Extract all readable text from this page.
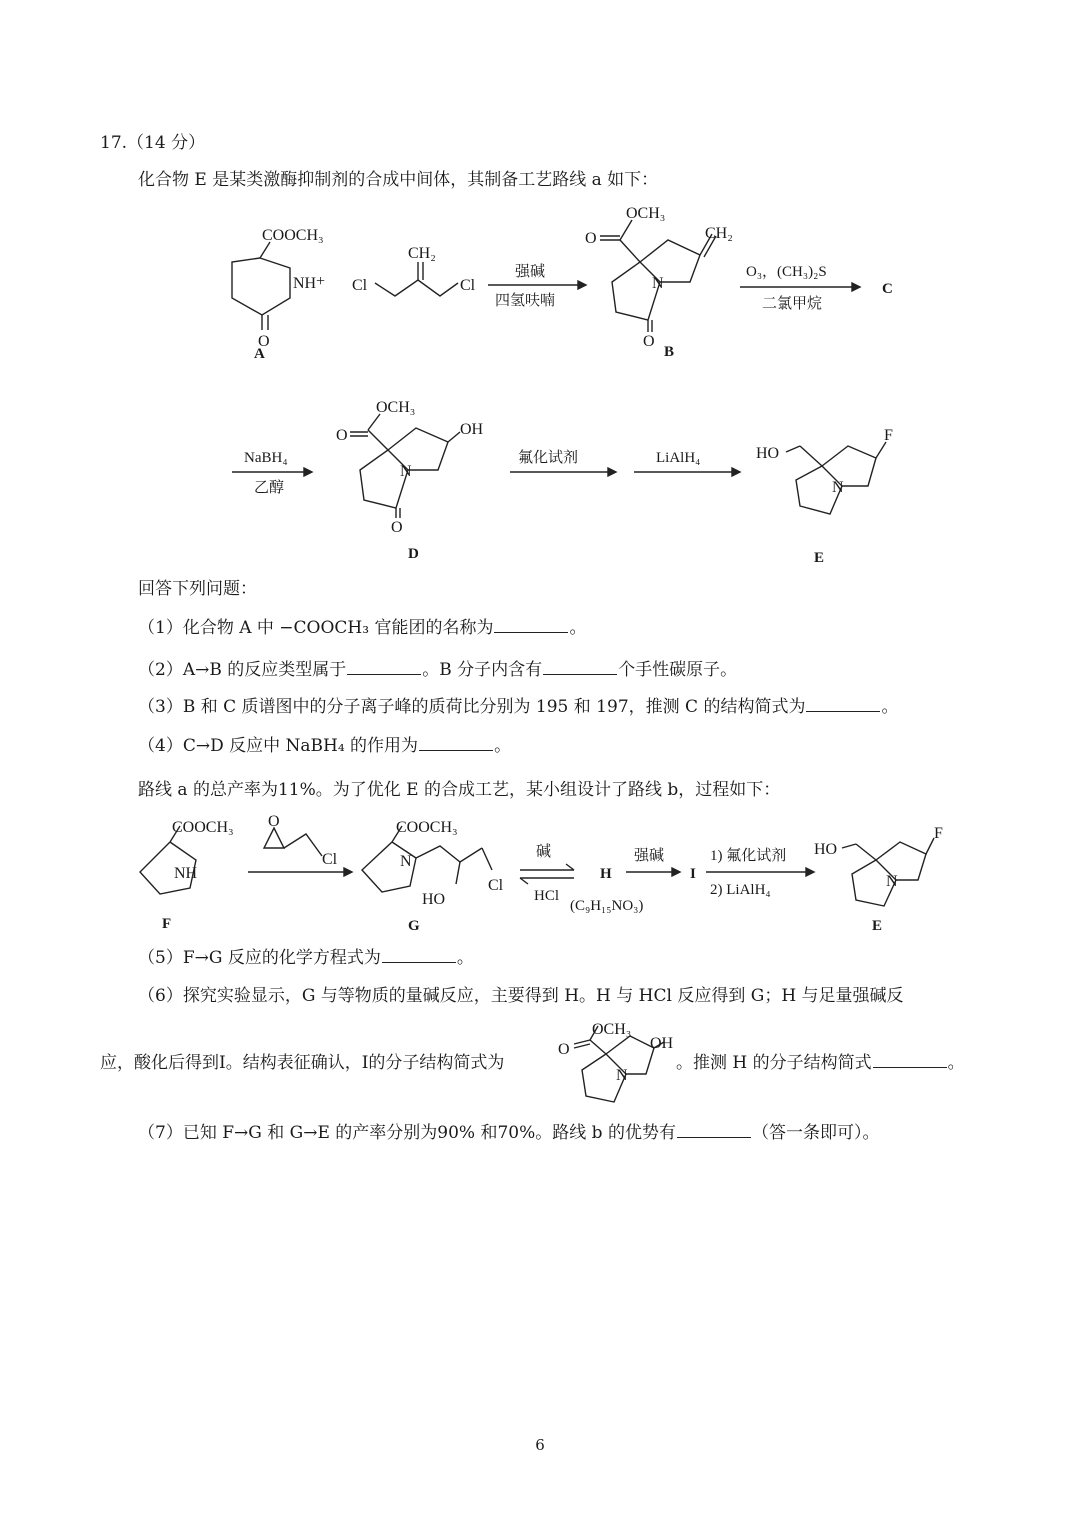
17.（14 分）
化合物 E 是某类激酶抑制剂的合成中间体，其制备工艺路线 a 如下：
COOCH₃
NH
O
A
+
CH₂
Cl	Cl
强碱
四氢呋喃
OCH₃
O	CH₂
N
O
B
O₃，(CH₃)₂S
二氯甲烷
C
NaBH₄
乙醇
OCH₃
O	OH
N
O
D
氟化试剂	LiAlH₄	HO
F
N
E
回答下列问题：
（1）化合物 A 中 −COOCH₃ 官能团的名称为	。
（2）A→B 的反应类型属于	。B 分子内含有	个手性碳原子。
（3）B 和 C 质谱图中的分子离子峰的质荷比分别为 195 和 197，推测 C 的结构简式为	。
（4）C→D 反应中 NaBH₄ 的作用为	。
路线 a 的总产率为11%。为了优化 E 的合成工艺，某小组设计了路线 b，过程如下：
COOCH₃
NH
F
O
Cl
COOCH₃
N
HO
Cl
G
碱
HCl
H
(C₉H₁₅NO₃)
强碱
I
1) 氟化试剂
2) LiAlH₄
HO
F
N
E
（5）F→G 反应的化学方程式为	。
（6）探究实验显示，G 与等物质的量碱反应，主要得到 H。H 与 HCl 反应得到 G；H 与足量强碱反
应，酸化后得到I。结构表征确认，I的分子结构简式为
OCH₃
O	OH
N
。推测 H 的分子结构简式	。
（7）已知 F→G 和 G→E 的产率分别为90% 和70%。路线 b 的优势有	（答一条即可）。
6
